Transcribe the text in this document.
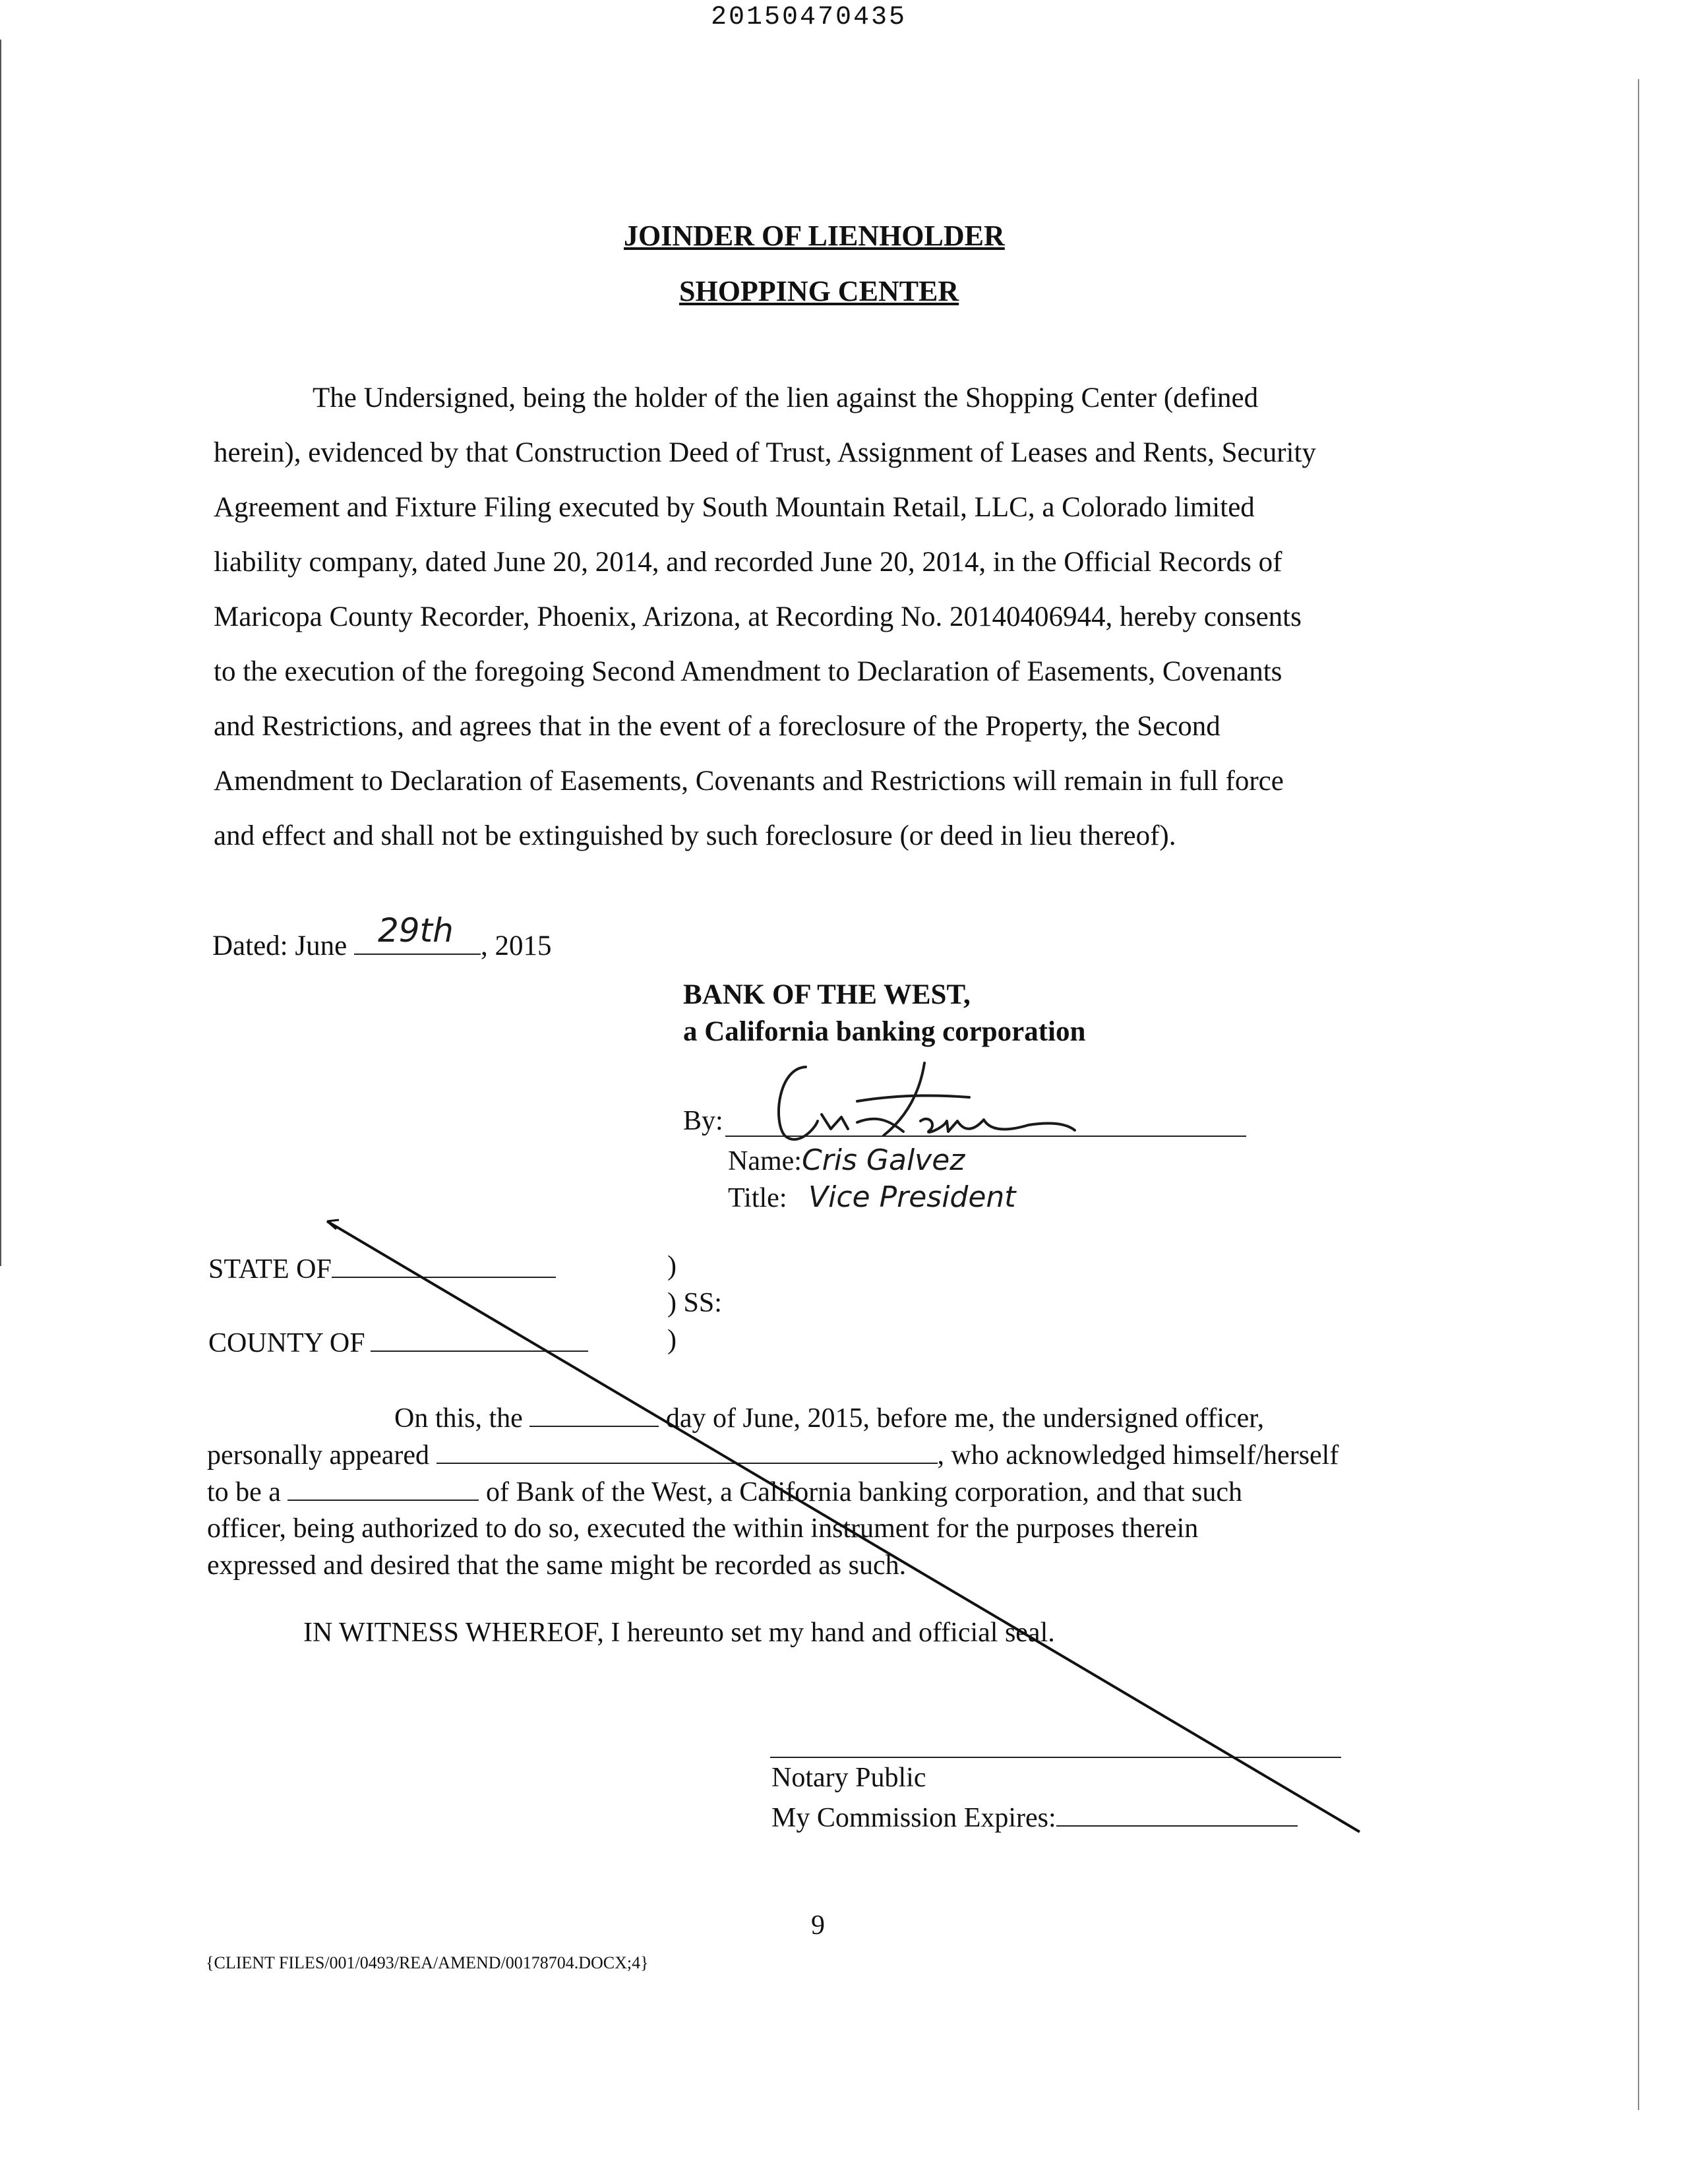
20150470435
JOINDER OF LIENHOLDER
SHOPPING CENTER
The Undersigned, being the holder of the lien against the Shopping Center (defined
herein), evidenced by that Construction Deed of Trust, Assignment of Leases and Rents, Security
Agreement and Fixture Filing executed by South Mountain Retail, LLC, a Colorado limited
liability company, dated June 20, 2014, and recorded June 20, 2014, in the Official Records of
Maricopa County Recorder, Phoenix, Arizona, at Recording No. 20140406944, hereby consents
to the execution of the foregoing Second Amendment to Declaration of Easements, Covenants
and Restrictions, and agrees that in the event of a foreclosure of the Property, the Second
Amendment to Declaration of Easements, Covenants and Restrictions will remain in full force
and effect and shall not be extinguished by such foreclosure (or deed in lieu thereof).
Dated: June 29th , 2015
BANK OF THE WEST,
a California banking corporation
By:
Name:Cris Galvez
Title: Vice President
STATE OF
COUNTY OF
)
) SS:
)
On this, the	day of June, 2015, before me, the undersigned officer,
personally appeared	, who acknowledged himself/herself
to be a	of Bank of the West, a California banking corporation, and that such
officer, being authorized to do so, executed the within instrument for the purposes therein
expressed and desired that the same might be recorded as such.
IN WITNESS WHEREOF, I hereunto set my hand and official seal.
Notary Public
My Commission Expires:
9
{CLIENT FILES/001/0493/REA/AMEND/00178704.DOCX;4}
